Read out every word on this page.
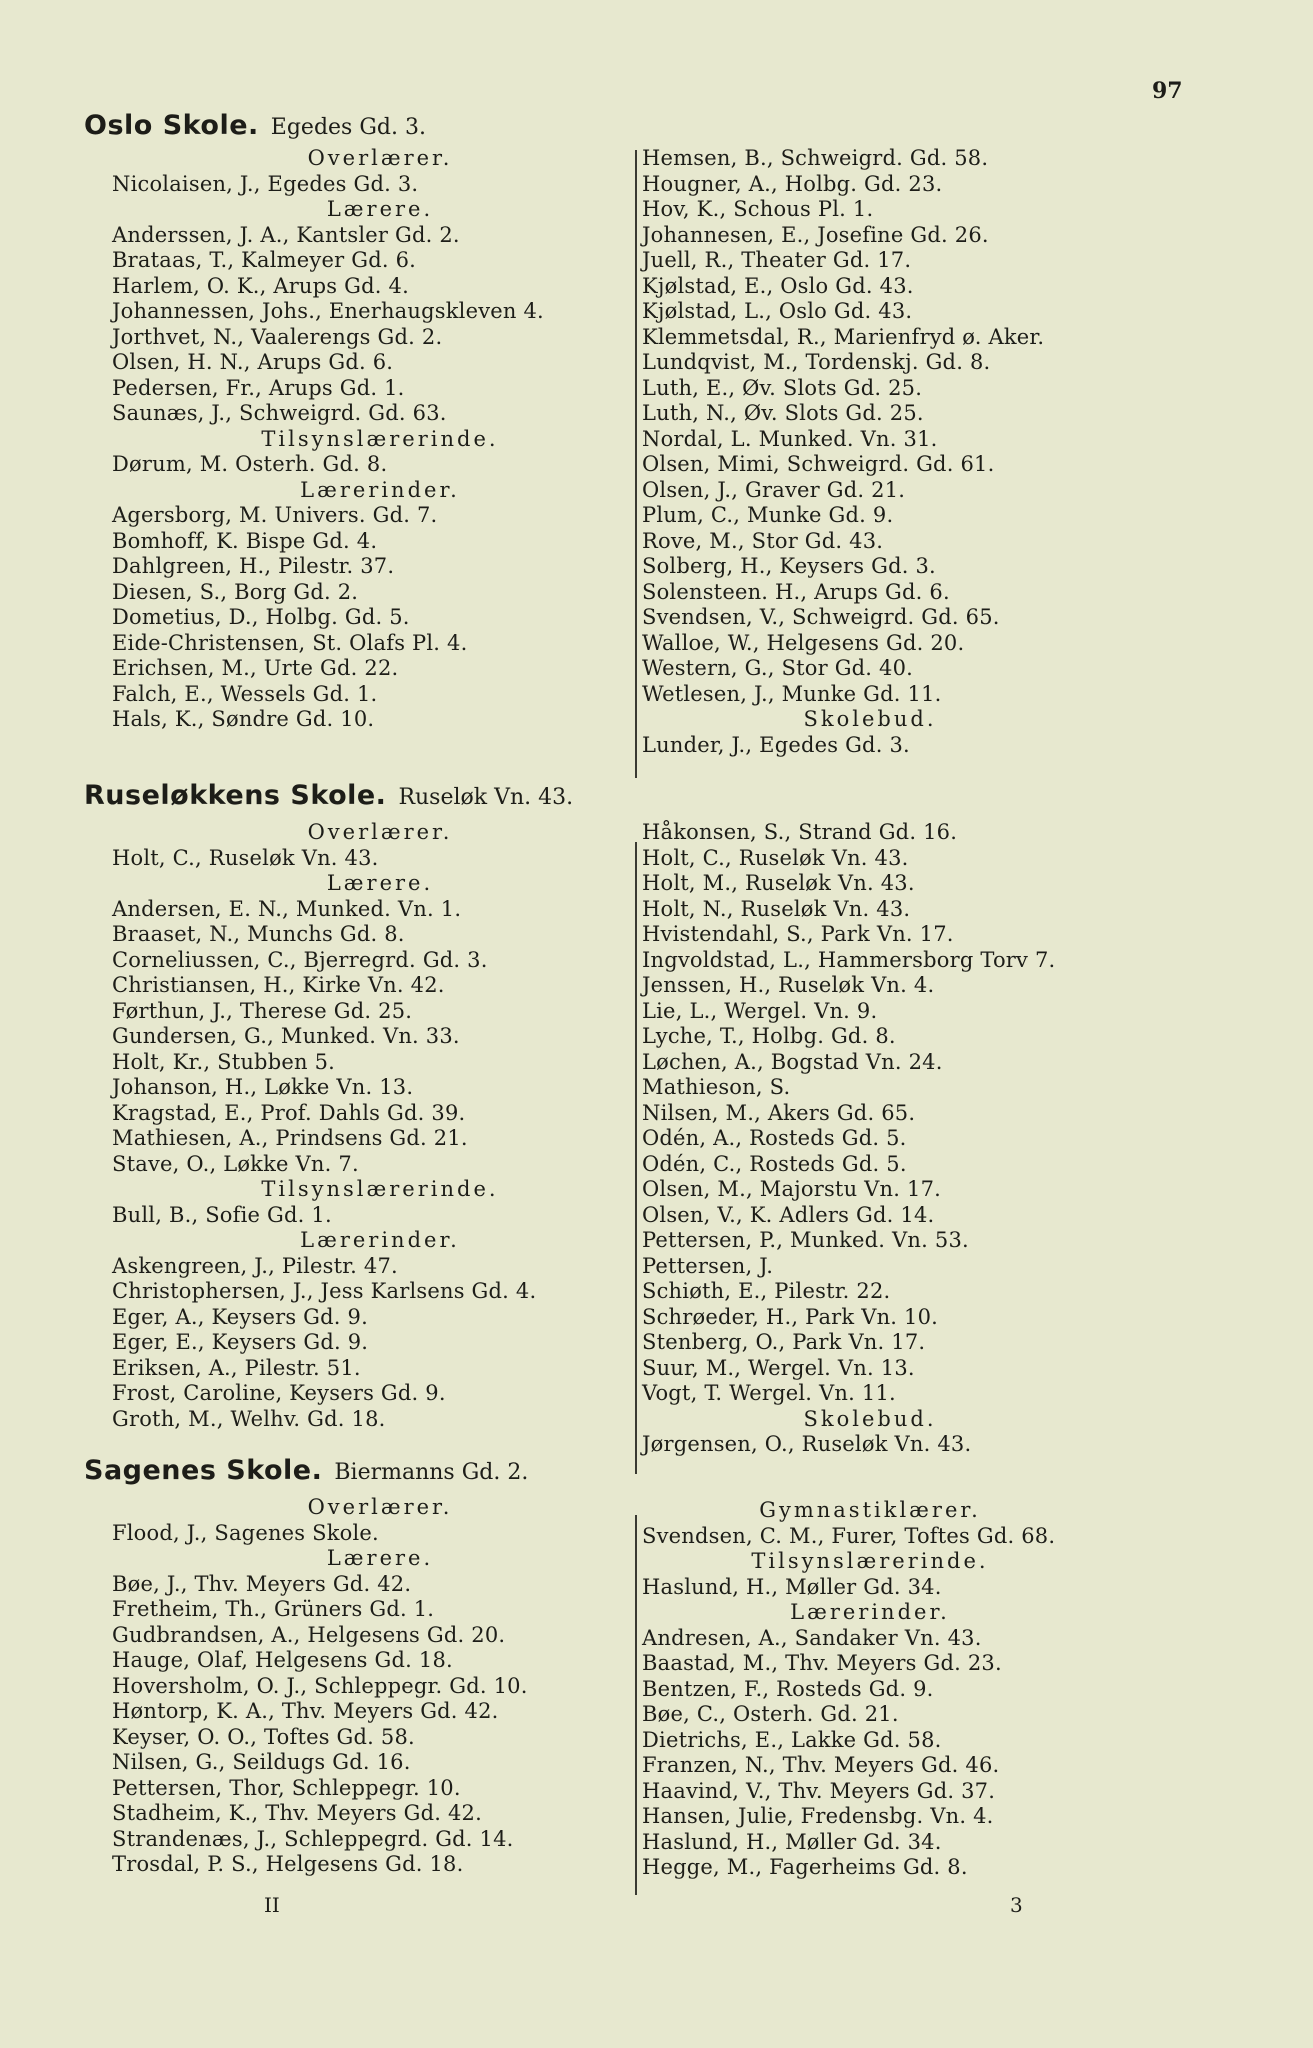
97
Oslo Skole. Egedes Gd. 3.
Overlærer.
Nicolaisen, J., Egedes Gd. 3.
Lærere.
Anderssen, J. A., Kantsler Gd. 2.
Brataas, T., Kalmeyer Gd. 6.
Harlem, O. K., Arups Gd. 4.
Johannessen, Johs., Enerhaugskleven 4.
Jorthvet, N., Vaalerengs Gd. 2.
Olsen, H. N., Arups Gd. 6.
Pedersen, Fr., Arups Gd. 1.
Saunæs, J., Schweigrd. Gd. 63.
Tilsynslærerinde.
Dørum, M. Osterh. Gd. 8.
Lærerinder.
Agersborg, M. Univers. Gd. 7.
Bomhoff, K. Bispe Gd. 4.
Dahlgreen, H., Pilestr. 37.
Diesen, S., Borg Gd. 2.
Dometius, D., Holbg. Gd. 5.
Eide-Christensen, St. Olafs Pl. 4.
Erichsen, M., Urte Gd. 22.
Falch, E., Wessels Gd. 1.
Hals, K., Søndre Gd. 10.
Hemsen, B., Schweigrd. Gd. 58.
Hougner, A., Holbg. Gd. 23.
Hov, K., Schous Pl. 1.
Johannesen, E., Josefine Gd. 26.
Juell, R., Theater Gd. 17.
Kjølstad, E., Oslo Gd. 43.
Kjølstad, L., Oslo Gd. 43.
Klemmetsdal, R., Marienfryd ø. Aker.
Lundqvist, M., Tordenskj. Gd. 8.
Luth, E., Øv. Slots Gd. 25.
Luth, N., Øv. Slots Gd. 25.
Nordal, L. Munked. Vn. 31.
Olsen, Mimi, Schweigrd. Gd. 61.
Olsen, J., Graver Gd. 21.
Plum, C., Munke Gd. 9.
Rove, M., Stor Gd. 43.
Solberg, H., Keysers Gd. 3.
Solensteen. H., Arups Gd. 6.
Svendsen, V., Schweigrd. Gd. 65.
Walloe, W., Helgesens Gd. 20.
Western, G., Stor Gd. 40.
Wetlesen, J., Munke Gd. 11.
Skolebud.
Lunder, J., Egedes Gd. 3.
Ruseløkkens Skole. Ruseløk Vn. 43.
Overlærer.
Holt, C., Ruseløk Vn. 43.
Lærere.
Andersen, E. N., Munked. Vn. 1.
Braaset, N., Munchs Gd. 8.
Corneliussen, C., Bjerregrd. Gd. 3.
Christiansen, H., Kirke Vn. 42.
Førthun, J., Therese Gd. 25.
Gundersen, G., Munked. Vn. 33.
Holt, Kr., Stubben 5.
Johanson, H., Løkke Vn. 13.
Kragstad, E., Prof. Dahls Gd. 39.
Mathiesen, A., Prindsens Gd. 21.
Stave, O., Løkke Vn. 7.
Tilsynslærerinde.
Bull, B., Sofie Gd. 1.
Lærerinder.
Askengreen, J., Pilestr. 47.
Christophersen, J., Jess Karlsens Gd. 4.
Eger, A., Keysers Gd. 9.
Eger, E., Keysers Gd. 9.
Eriksen, A., Pilestr. 51.
Frost, Caroline, Keysers Gd. 9.
Groth, M., Welhv. Gd. 18.
Håkonsen, S., Strand Gd. 16.
Holt, C., Ruseløk Vn. 43.
Holt, M., Ruseløk Vn. 43.
Holt, N., Ruseløk Vn. 43.
Hvistendahl, S., Park Vn. 17.
Ingvoldstad, L., Hammersborg Torv 7.
Jenssen, H., Ruseløk Vn. 4.
Lie, L., Wergel. Vn. 9.
Lyche, T., Holbg. Gd. 8.
Løchen, A., Bogstad Vn. 24.
Mathieson, S.
Nilsen, M., Akers Gd. 65.
Odén, A., Rosteds Gd. 5.
Odén, C., Rosteds Gd. 5.
Olsen, M., Majorstu Vn. 17.
Olsen, V., K. Adlers Gd. 14.
Pettersen, P., Munked. Vn. 53.
Pettersen, J.
Schiøth, E., Pilestr. 22.
Schrøeder, H., Park Vn. 10.
Stenberg, O., Park Vn. 17.
Suur, M., Wergel. Vn. 13.
Vogt, T. Wergel. Vn. 11.
Skolebud.
Jørgensen, O., Ruseløk Vn. 43.
Sagenes Skole. Biermanns Gd. 2.
Overlærer.
Flood, J., Sagenes Skole.
Lærere.
Bøe, J., Thv. Meyers Gd. 42.
Fretheim, Th., Grüners Gd. 1.
Gudbrandsen, A., Helgesens Gd. 20.
Hauge, Olaf, Helgesens Gd. 18.
Hoversholm, O. J., Schleppegr. Gd. 10.
Høntorp, K. A., Thv. Meyers Gd. 42.
Keyser, O. O., Toftes Gd. 58.
Nilsen, G., Seildugs Gd. 16.
Pettersen, Thor, Schleppegr. 10.
Stadheim, K., Thv. Meyers Gd. 42.
Strandenæs, J., Schleppegrd. Gd. 14.
Trosdal, P. S., Helgesens Gd. 18.
Gymnastiklærer.
Svendsen, C. M., Furer, Toftes Gd. 68.
Tilsynslærerinde.
Haslund, H., Møller Gd. 34.
Lærerinder.
Andresen, A., Sandaker Vn. 43.
Baastad, M., Thv. Meyers Gd. 23.
Bentzen, F., Rosteds Gd. 9.
Bøe, C., Osterh. Gd. 21.
Dietrichs, E., Lakke Gd. 58.
Franzen, N., Thv. Meyers Gd. 46.
Haavind, V., Thv. Meyers Gd. 37.
Hansen, Julie, Fredensbg. Vn. 4.
Haslund, H., Møller Gd. 34.
Hegge, M., Fagerheims Gd. 8.
II	3
